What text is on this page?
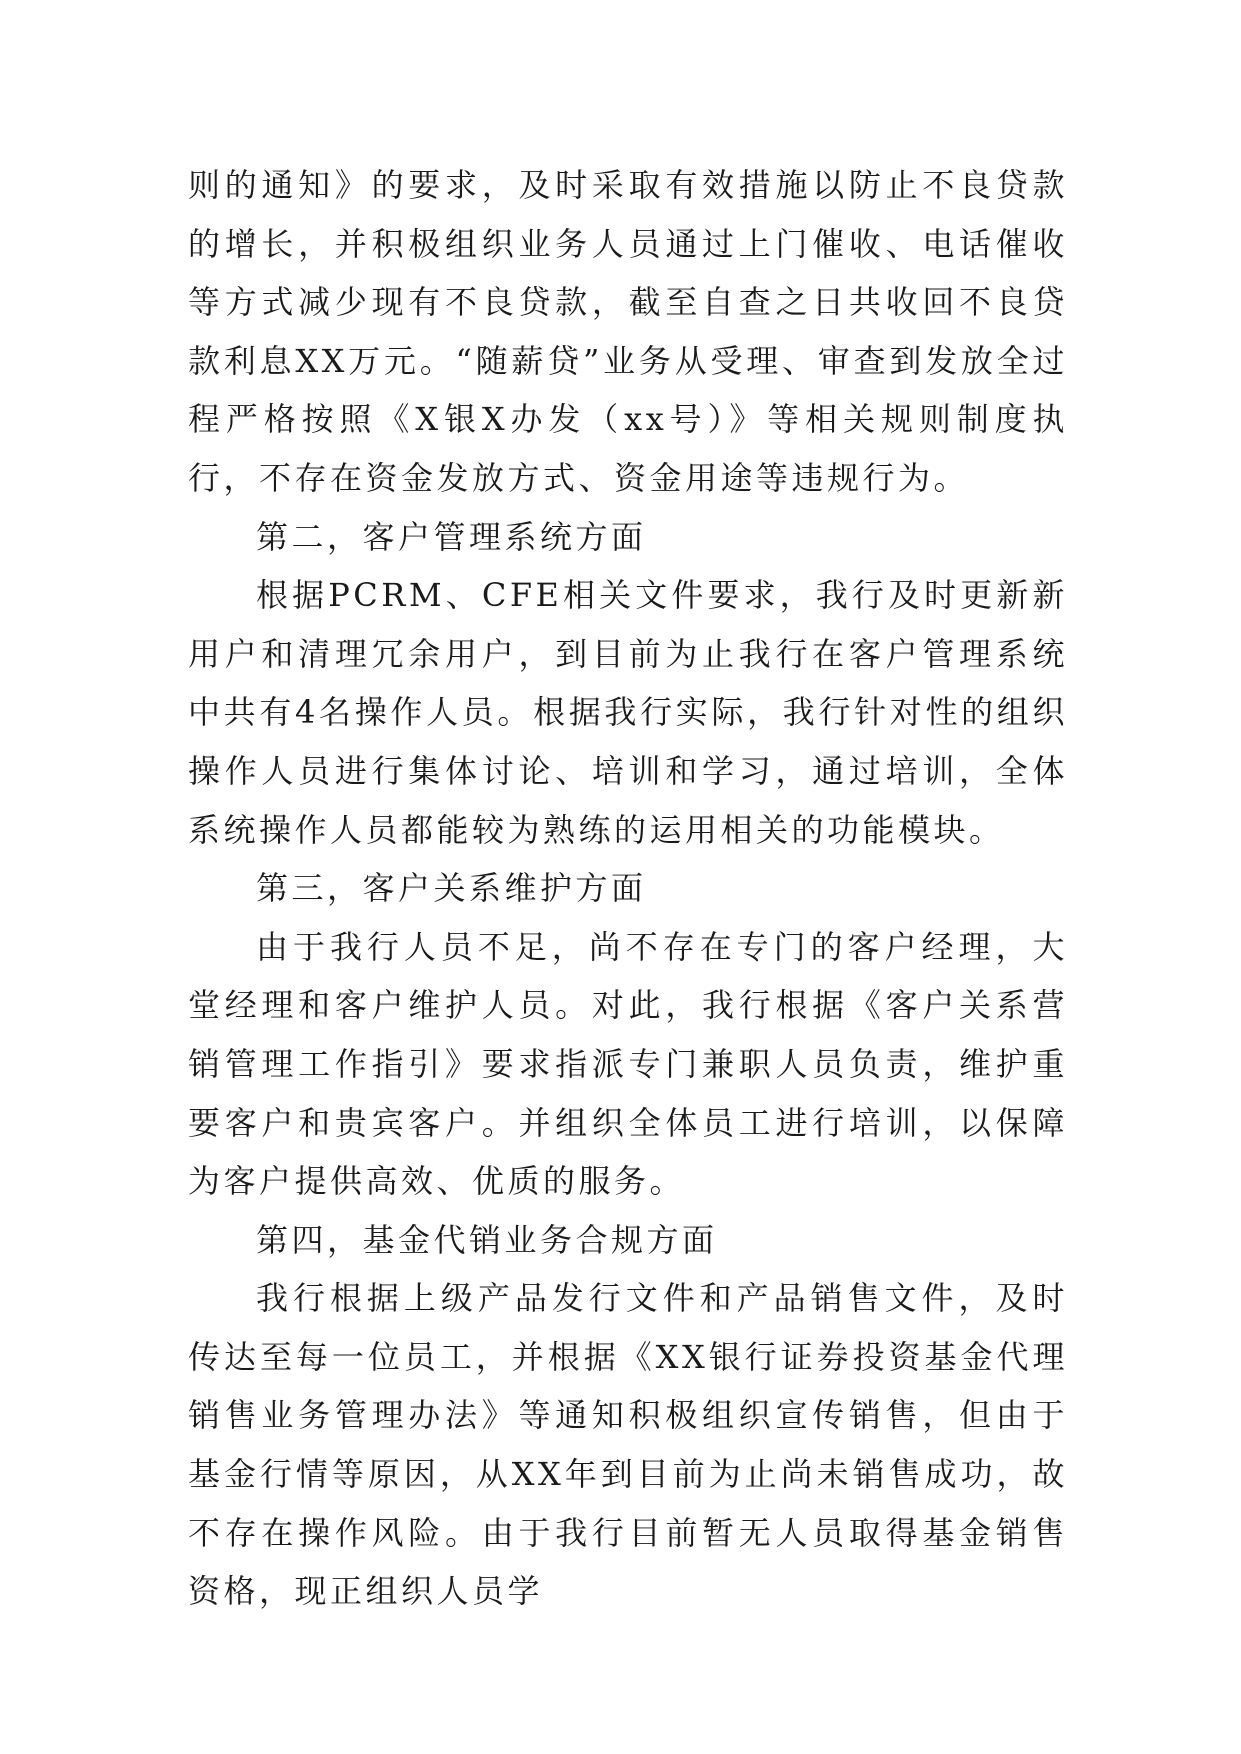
则的通知》的要求，及时采取有效措施以防止不良贷款的增长，并积极组织业务人员通过上门催收、电话催收等方式减少现有不良贷款，截至自查之日共收回不良贷款利息XX万元。“随薪贷”业务从受理、审查到发放全过程严格按照《X银X办发（xx号）》等相关规则制度执行，不存在资金发放方式、资金用途等违规行为。

第二，客户管理系统方面

根据PCRM、CFE相关文件要求，我行及时更新新用户和清理冗余用户，到目前为止我行在客户管理系统中共有4名操作人员。根据我行实际，我行针对性的组织操作人员进行集体讨论、培训和学习，通过培训，全体系统操作人员都能较为熟练的运用相关的功能模块。

第三，客户关系维护方面

由于我行人员不足，尚不存在专门的客户经理，大堂经理和客户维护人员。对此，我行根据《客户关系营销管理工作指引》要求指派专门兼职人员负责，维护重要客户和贵宾客户。并组织全体员工进行培训，以保障为客户提供高效、优质的服务。

第四，基金代销业务合规方面

我行根据上级产品发行文件和产品销售文件，及时传达至每一位员工，并根据《XX银行证券投资基金代理销售业务管理办法》等通知积极组织宣传销售，但由于基金行情等原因，从XX年到目前为止尚未销售成功，故不存在操作风险。由于我行目前暂无人员取得基金销售资格，现正组织人员学
